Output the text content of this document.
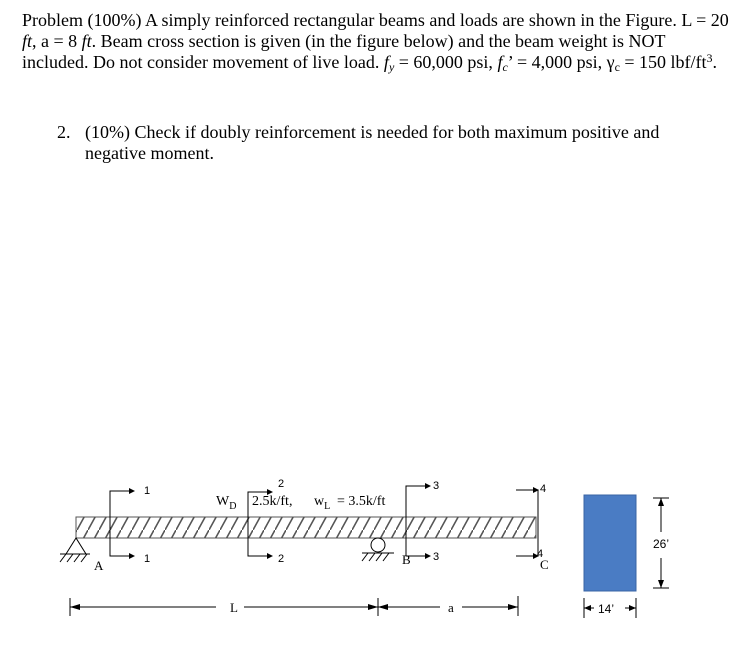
Problem (100%) A simply reinforced rectangular beams and loads are shown in the Figure. L = 20 ft, a = 8 ft. Beam cross section is given (in the figure below) and the beam weight is NOT included. Do not consider movement of live load. $f_y = 60,000$ psi, $f_c$’ = 4,000 psi, $\gamma_c = 150$ lbf/$ft^3$.
2. (10%) Check if doubly reinforcement is needed for both maximum positive and negative moment.
1
1
2
2
3
3
4
4
$W_D$ 2.5k/ft, $w_L = 3.5k/ft$
A	B	C
L	a
26’
14’
